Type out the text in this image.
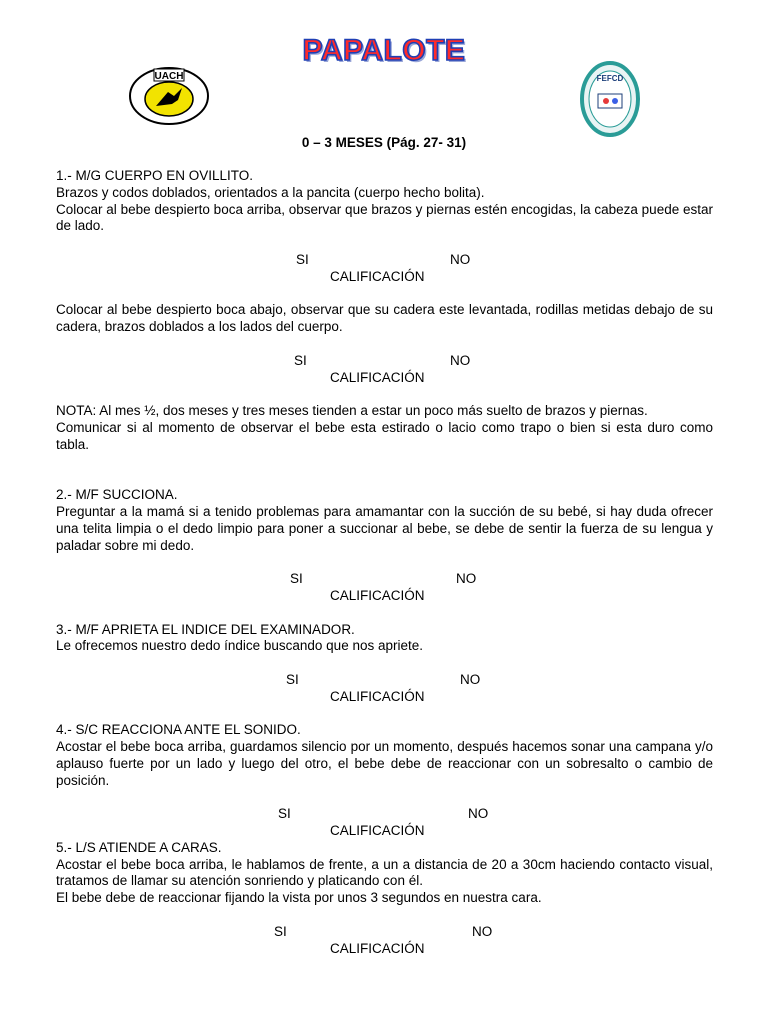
PAPALOTE
UACH	FEFCD
0 – 3 MESES (Pág. 27- 31)

1.- M/G CUERPO EN OVILLITO.

Brazos y codos doblados, orientados a la pancita (cuerpo hecho bolita).

Colocar al bebe despierto boca arriba, observar que brazos y piernas estén encogidas, la cabeza puede estar de lado.

SI	NO
CALIFICACIÓN

Colocar al bebe despierto boca abajo, observar que su cadera este levantada, rodillas metidas debajo de su cadera, brazos doblados a los lados del cuerpo.

SI	NO
CALIFICACIÓN

NOTA: Al mes ½, dos meses y tres meses tienden a estar un poco más suelto de brazos y piernas.

Comunicar si al momento de observar el bebe esta estirado o lacio como trapo o bien si esta duro como tabla.

2.- M/F SUCCIONA.

Preguntar a la mamá si a tenido problemas para amamantar con la succión de su bebé, si hay duda ofrecer una telita limpia o el dedo limpio para poner a succionar al bebe, se debe de sentir la fuerza de su lengua y paladar sobre mi dedo.

SI	NO
CALIFICACIÓN

3.- M/F APRIETA EL INDICE DEL EXAMINADOR.

Le ofrecemos nuestro dedo índice buscando que nos apriete.

SI	NO
CALIFICACIÓN

4.- S/C REACCIONA ANTE EL SONIDO.

Acostar el bebe boca arriba, guardamos silencio por un momento, después hacemos sonar una campana y/o aplauso fuerte por un lado y luego del otro, el bebe debe de reaccionar con un sobresalto o cambio de posición.

SI	NO
CALIFICACIÓN

5.- L/S ATIENDE A CARAS.

Acostar el bebe boca arriba, le hablamos de frente, a un a distancia de 20 a 30cm haciendo contacto visual, tratamos de llamar su atención sonriendo y platicando con él.

El bebe debe de reaccionar fijando la vista por unos 3 segundos en nuestra cara.

SI	NO
CALIFICACIÓN
